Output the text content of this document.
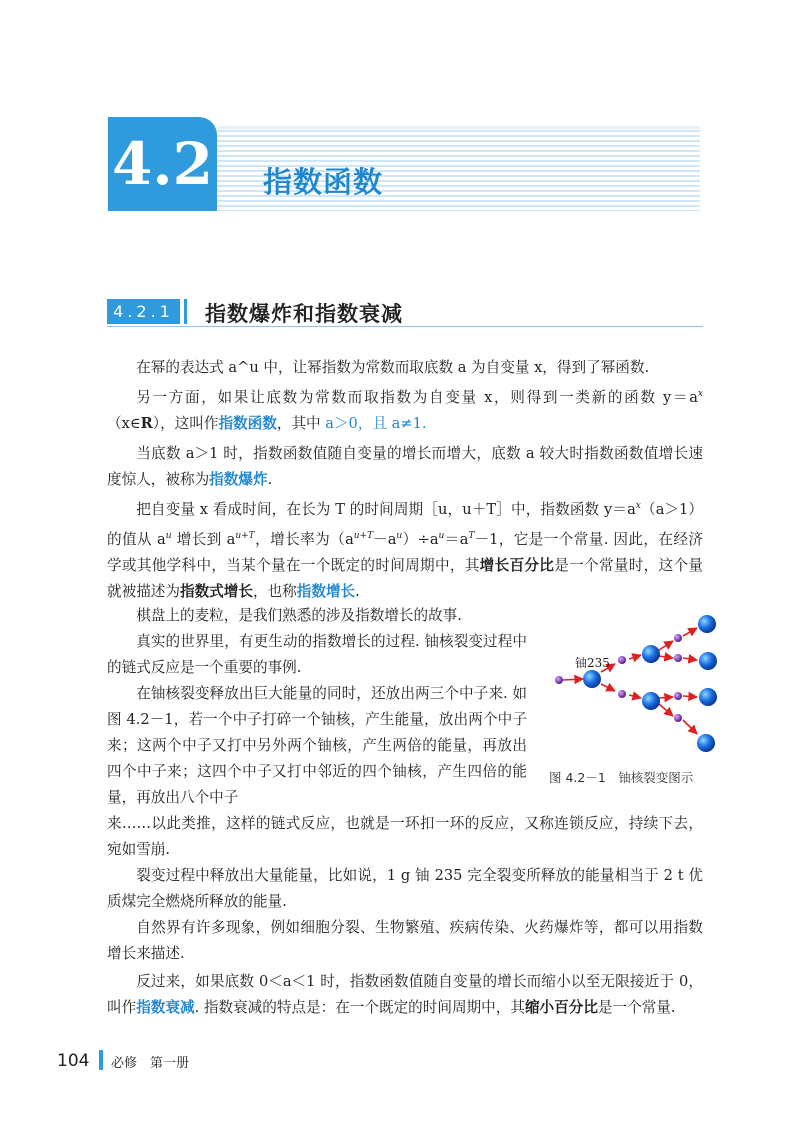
4.2 指数函数
4.2.1 指数爆炸和指数衰减

在幂的表达式 a^u 中，让幂指数为常数而取底数 a 为自变量 x，得到了幂函数.

另一方面，如果让底数为常数而取指数为自变量 x，则得到一类新的函数 $y=a^x(x\in R)$，这叫作指数函数，其中 a＞0，且 a≠1.

当底数 a＞1 时，指数函数值随自变量的增长而增大，底数 a 较大时指数函数值增长速度惊人，被称为指数爆炸.

把自变量 x 看成时间，在长为 T 的时间周期［u，u＋T］中，指数函数 $y=a^x(a>1)$的值从 $a^u$ 增长到 $a^{u+T}$，增长率为$(a^{u+T}-a^u)\div a^u=a^T-1$，它是一个常量. 因此，在经济学或其他学科中，当某个量在一个既定的时间周期中，其增长百分比是一个常量时，这个量就被描述为指数式增长，也称指数增长.

棋盘上的麦粒，是我们熟悉的涉及指数增长的故事.

真实的世界里，有更生动的指数增长的过程. 铀核裂变过程中的链式反应是一个重要的事例.

在铀核裂变释放出巨大能量的同时，还放出两三个中子来. 如图 4.2－1，若一个中子打碎一个铀核，产生能量，放出两个中子来；这两个中子又打中另外两个铀核，产生两倍的能量，再放出四个中子来；这四个中子又打中邻近的四个铀核，产生四倍的能量，再放出八个中子

来……以此类推，这样的链式反应，也就是一环扣一环的反应，又称连锁反应，持续下去，宛如雪崩.

裂变过程中释放出大量能量，比如说，1 g 铀 235 完全裂变所释放的能量相当于 2 t 优质煤完全燃烧所释放的能量.

自然界有许多现象，例如细胞分裂、生物繁殖、疾病传染、火药爆炸等，都可以用指数增长来描述.

反过来，如果底数 0＜a＜1 时，指数函数值随自变量的增长而缩小以至无限接近于 0，叫作指数衰减. 指数衰减的特点是：在一个既定的时间周期中，其缩小百分比是一个常量.

铀235
图 4.2－1　铀核裂变图示
104 必修　第一册
